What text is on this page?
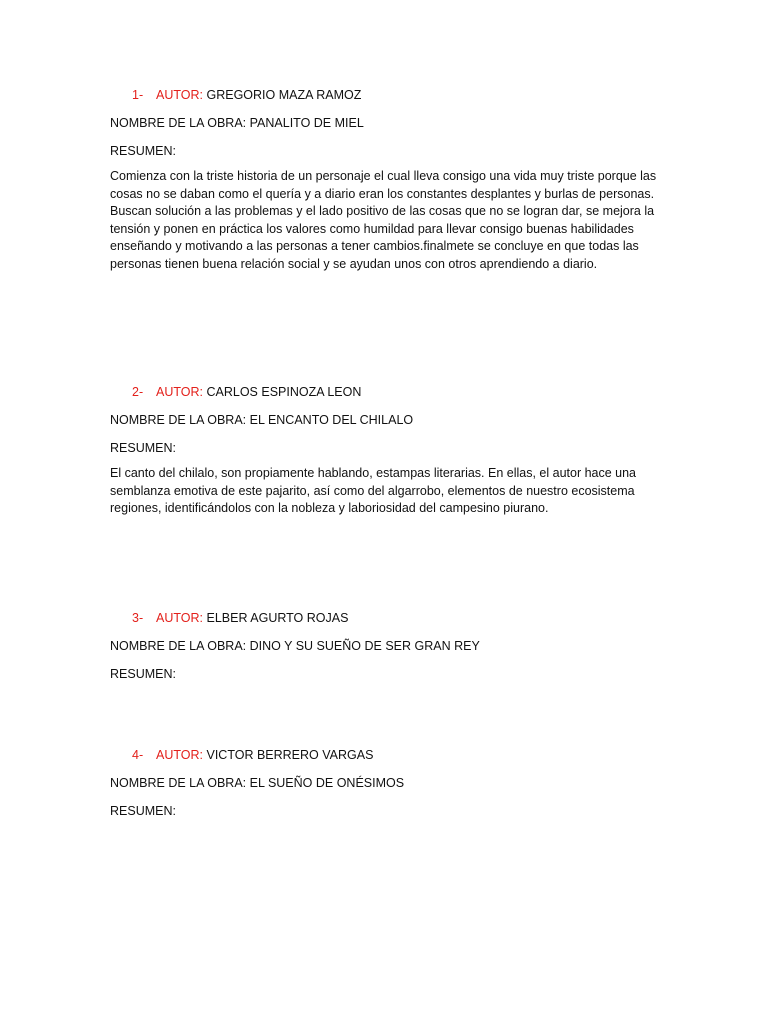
1- AUTOR: GREGORIO MAZA RAMOZ
NOMBRE DE LA OBRA: PANALITO DE MIEL
RESUMEN:
Comienza con la triste historia de un personaje el cual lleva consigo una vida muy triste porque las cosas no se daban como el quería y a diario eran los constantes desplantes y burlas de personas. Buscan solución a las problemas y el lado positivo de las cosas que no se logran dar, se mejora la tensión y ponen en práctica los valores como humildad para llevar consigo buenas habilidades enseñando y motivando a las personas a tener cambios.finalmete se concluye en que todas las personas tienen buena relación social y se ayudan unos con otros aprendiendo a diario.
2- AUTOR: CARLOS ESPINOZA LEON
NOMBRE DE LA OBRA: EL ENCANTO DEL CHILALO
RESUMEN:
El canto del chilalo, son propiamente hablando, estampas literarias. En ellas, el autor hace una semblanza emotiva de este pajarito, así como del algarrobo, elementos de nuestro ecosistema regiones, identificándolos con la nobleza y laboriosidad del campesino piurano.
3- AUTOR: ELBER AGURTO ROJAS
NOMBRE DE LA OBRA: DINO Y SU SUEÑO DE SER GRAN REY
RESUMEN:
4- AUTOR: VICTOR BERRERO VARGAS
NOMBRE DE LA OBRA: EL SUEÑO DE ONÉSIMOS
RESUMEN:
